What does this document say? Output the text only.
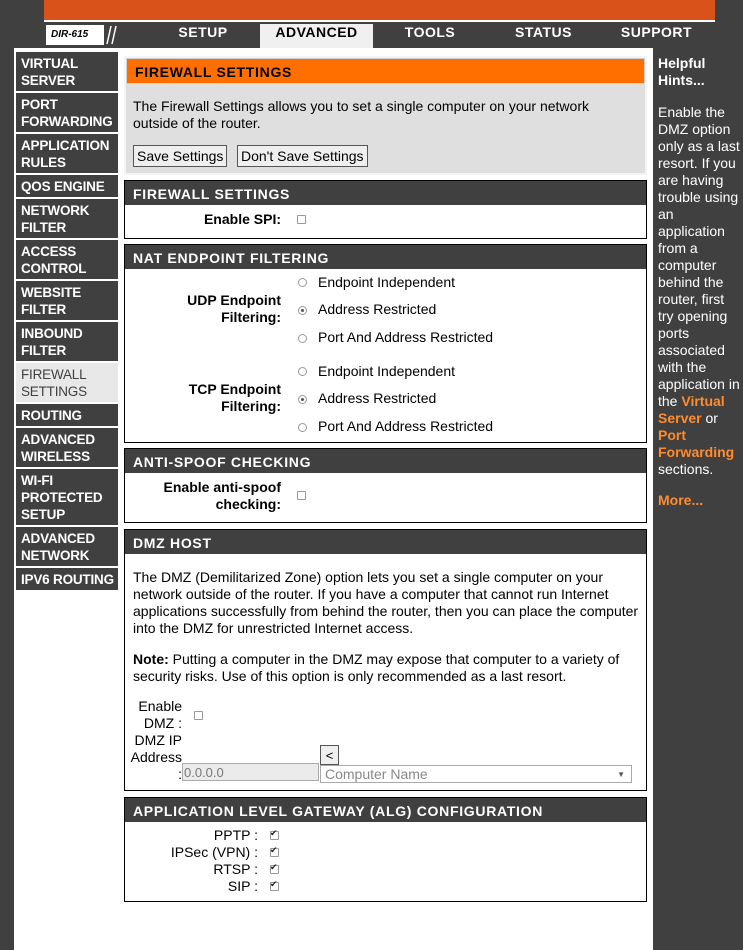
DIR-615	SETUP	ADVANCED	TOOLS	STATUS	SUPPORT
VIRTUAL
SERVER
PORT
FORWARDING
APPLICATION
RULES
QOS ENGINE
NETWORK
FILTER
ACCESS
CONTROL
WEBSITE
FILTER
INBOUND
FILTER
FIREWALL
SETTINGS
ROUTING
ADVANCED
WIRELESS
WI-FI
PROTECTED
SETUP
ADVANCED
NETWORK
IPV6 ROUTING
FIREWALL SETTINGS
The Firewall Settings allows you to set a single computer on your network outside of the router.
Save Settings Don't Save Settings
FIREWALL SETTINGS
Enable SPI:
NAT ENDPOINT FILTERING
UDP Endpoint
Filtering:
Endpoint Independent
Address Restricted
Port And Address Restricted
TCP Endpoint
Filtering:
Endpoint Independent
Address Restricted
Port And Address Restricted
ANTI-SPOOF CHECKING
Enable anti-spoof
checking:
DMZ HOST
The DMZ (Demilitarized Zone) option lets you set a single computer on your network outside of the router. If you have a computer that cannot run Internet applications successfully from behind the router, then you can place the computer into the DMZ for unrestricted Internet access.
Note: Putting a computer in the DMZ may expose that computer to a variety of security risks. Use of this option is only recommended as a last resort.
Enable
DMZ :
DMZ IP
Address
:
0.0.0.0
<
Computer Name	▼
APPLICATION LEVEL GATEWAY (ALG) CONFIGURATION
PPTP :
✔
IPSec (VPN) :
✔
RTSP :
✔
SIP :
✔
Helpful
Hints...
Enable the DMZ option only as a last resort. If you are having trouble using an application from a computer behind the router, first try opening ports associated with the application in the Virtual Server or Port Forwarding sections.
More...
